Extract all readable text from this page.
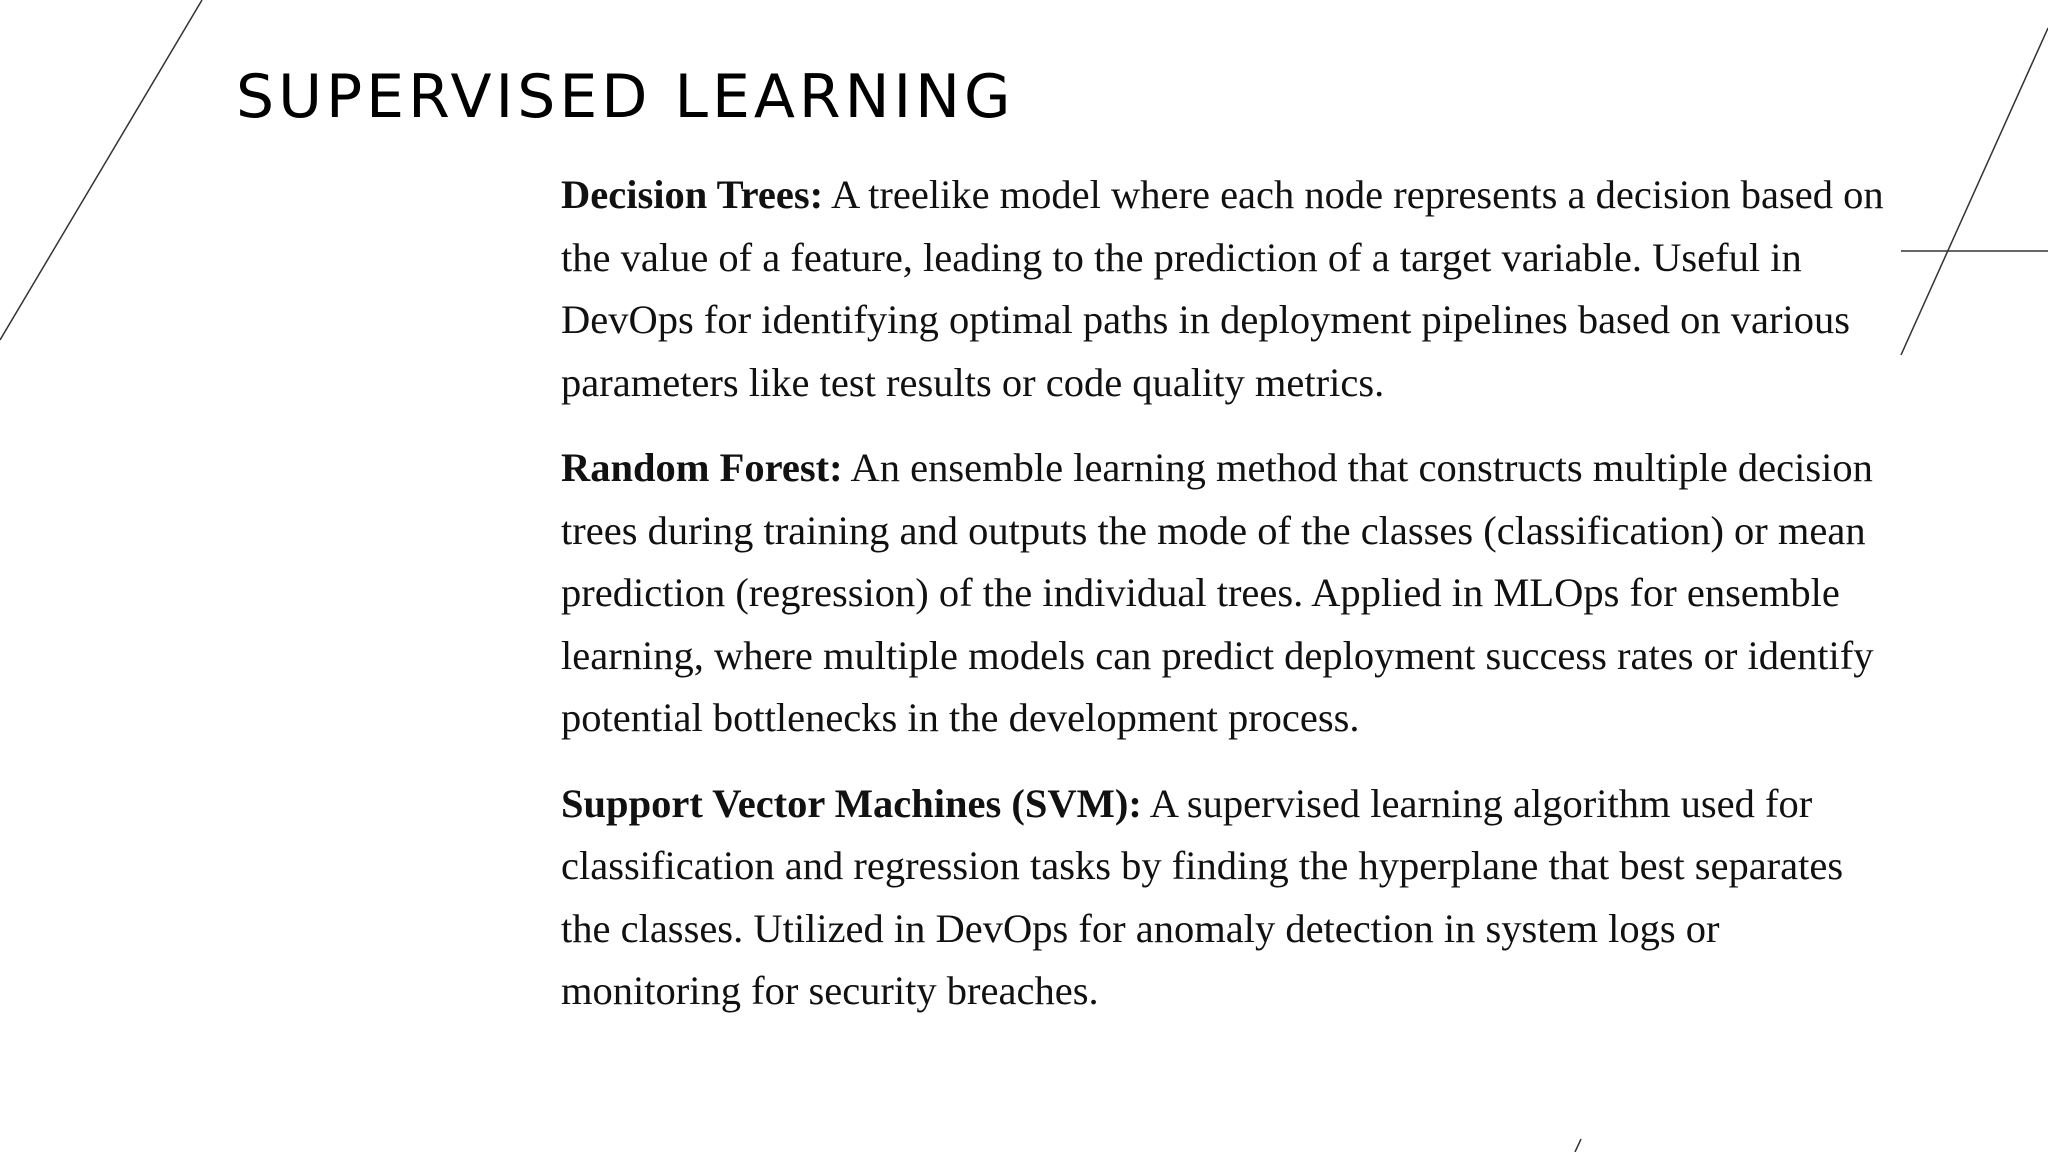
SUPERVISED LEARNING

Decision Trees: A treelike model where each node represents a decision based on the value of a feature, leading to the prediction of a target variable. Useful in DevOps for identifying optimal paths in deployment pipelines based on various parameters like test results or code quality metrics.

Random Forest: An ensemble learning method that constructs multiple decision trees during training and outputs the mode of the classes (classification) or mean prediction (regression) of the individual trees. Applied in MLOps for ensemble learning, where multiple models can predict deployment success rates or identify potential bottlenecks in the development process.

Support Vector Machines (SVM): A supervised learning algorithm used for classification and regression tasks by finding the hyperplane that best separates the classes. Utilized in DevOps for anomaly detection in system logs or monitoring for security breaches.
